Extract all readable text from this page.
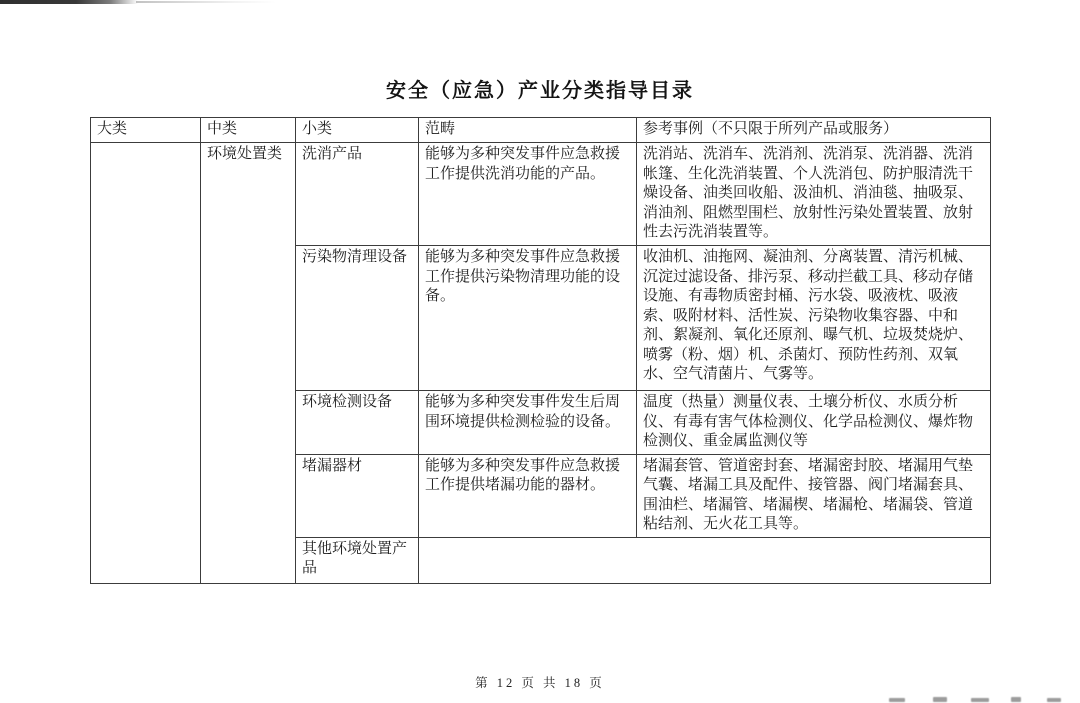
安全（应急）产业分类指导目录
大类	中类	小类	范畴	参考事例（不只限于所列产品或服务）
	环境处置类	洗消产品	能够为多种突发事件应急救援工作提供洗消功能的产品。	洗消站、洗消车、洗消剂、洗消泵、洗消器、洗消帐篷、生化洗消装置、个人洗消包、防护服清洗干燥设备、油类回收船、汲油机、消油毯、抽吸泵、消油剂、阻燃型围栏、放射性污染处置装置、放射性去污洗消装置等。
		污染物清理设备	能够为多种突发事件应急救援工作提供污染物清理功能的设备。	收油机、油拖网、凝油剂、分离装置、清污机械、沉淀过滤设备、排污泵、移动拦截工具、移动存储设施、有毒物质密封桶、污水袋、吸液枕、吸液索、吸附材料、活性炭、污染物收集容器、中和剂、絮凝剂、氧化还原剂、曝气机、垃圾焚烧炉、喷雾（粉、烟）机、杀菌灯、预防性药剂、双氧水、空气清菌片、气雾等。
		环境检测设备	能够为多种突发事件发生后周围环境提供检测检验的设备。	温度（热量）测量仪表、土壤分析仪、水质分析仪、有毒有害气体检测仪、化学品检测仪、爆炸物检测仪、重金属监测仪等
		堵漏器材	能够为多种突发事件应急救援工作提供堵漏功能的器材。	堵漏套管、管道密封套、堵漏密封胶、堵漏用气垫气囊、堵漏工具及配件、接管器、阀门堵漏套具、围油栏、堵漏管、堵漏楔、堵漏枪、堵漏袋、管道粘结剂、无火花工具等。
		其他环境处置产品		
第 12 页 共 18 页
